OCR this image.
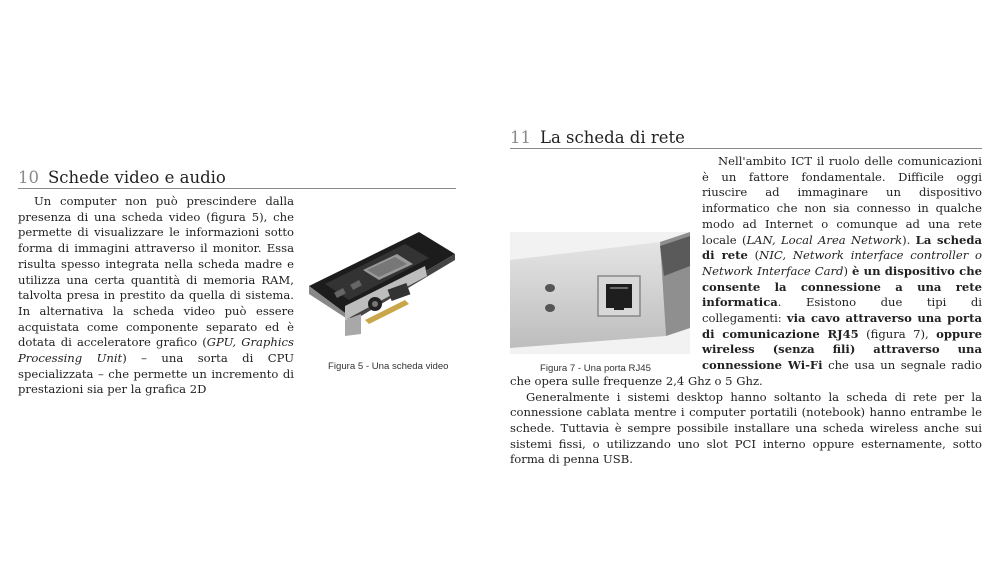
10 Schede video e audio

Un computer non può prescindere dalla presenza di una scheda video (figura 5), che permette di visualizzare le informazioni sotto forma di immagini attraverso il monitor. Essa risulta spesso integrata nella scheda madre e utilizza una certa quantità di memoria RAM, talvolta presa in prestito da quella di sistema. In alternativa la scheda video può essere acquistata come componente separato ed è dotata di acceleratore grafico (GPU, Graphics Processing Unit) – una sorta di CPU specializzata – che permette un incremento di prestazioni sia per la grafica 2D

Figura 5 - Una scheda video
11 La scheda di rete

Nell'ambito ICT il ruolo delle comunicazioni è un fattore fondamentale. Difficile oggi riuscire ad immaginare un dispositivo informatico che non sia connesso in qualche modo ad Internet o comunque ad una rete locale (LAN, Local Area Network). La scheda di rete (NIC, Network interface controller o Network Interface Card) è un dispositivo che consente la connessione a una rete informatica. Esistono due tipi di collegamenti: via cavo attraverso una porta di comunicazione RJ45 (figura 7), oppure wireless (senza fili) attraverso una connessione Wi-Fi che usa un segnale radio che opera sulle frequenze 2,4 Ghz o 5 Ghz.

Generalmente i sistemi desktop hanno soltanto la scheda di rete per la connessione cablata mentre i computer portatili (notebook) hanno entrambe le schede. Tuttavia è sempre possibile installare una scheda wireless anche sui sistemi fissi, o utilizzando uno slot PCI interno oppure esternamente, sotto forma di penna USB.

Figura 7 - Una porta RJ45
